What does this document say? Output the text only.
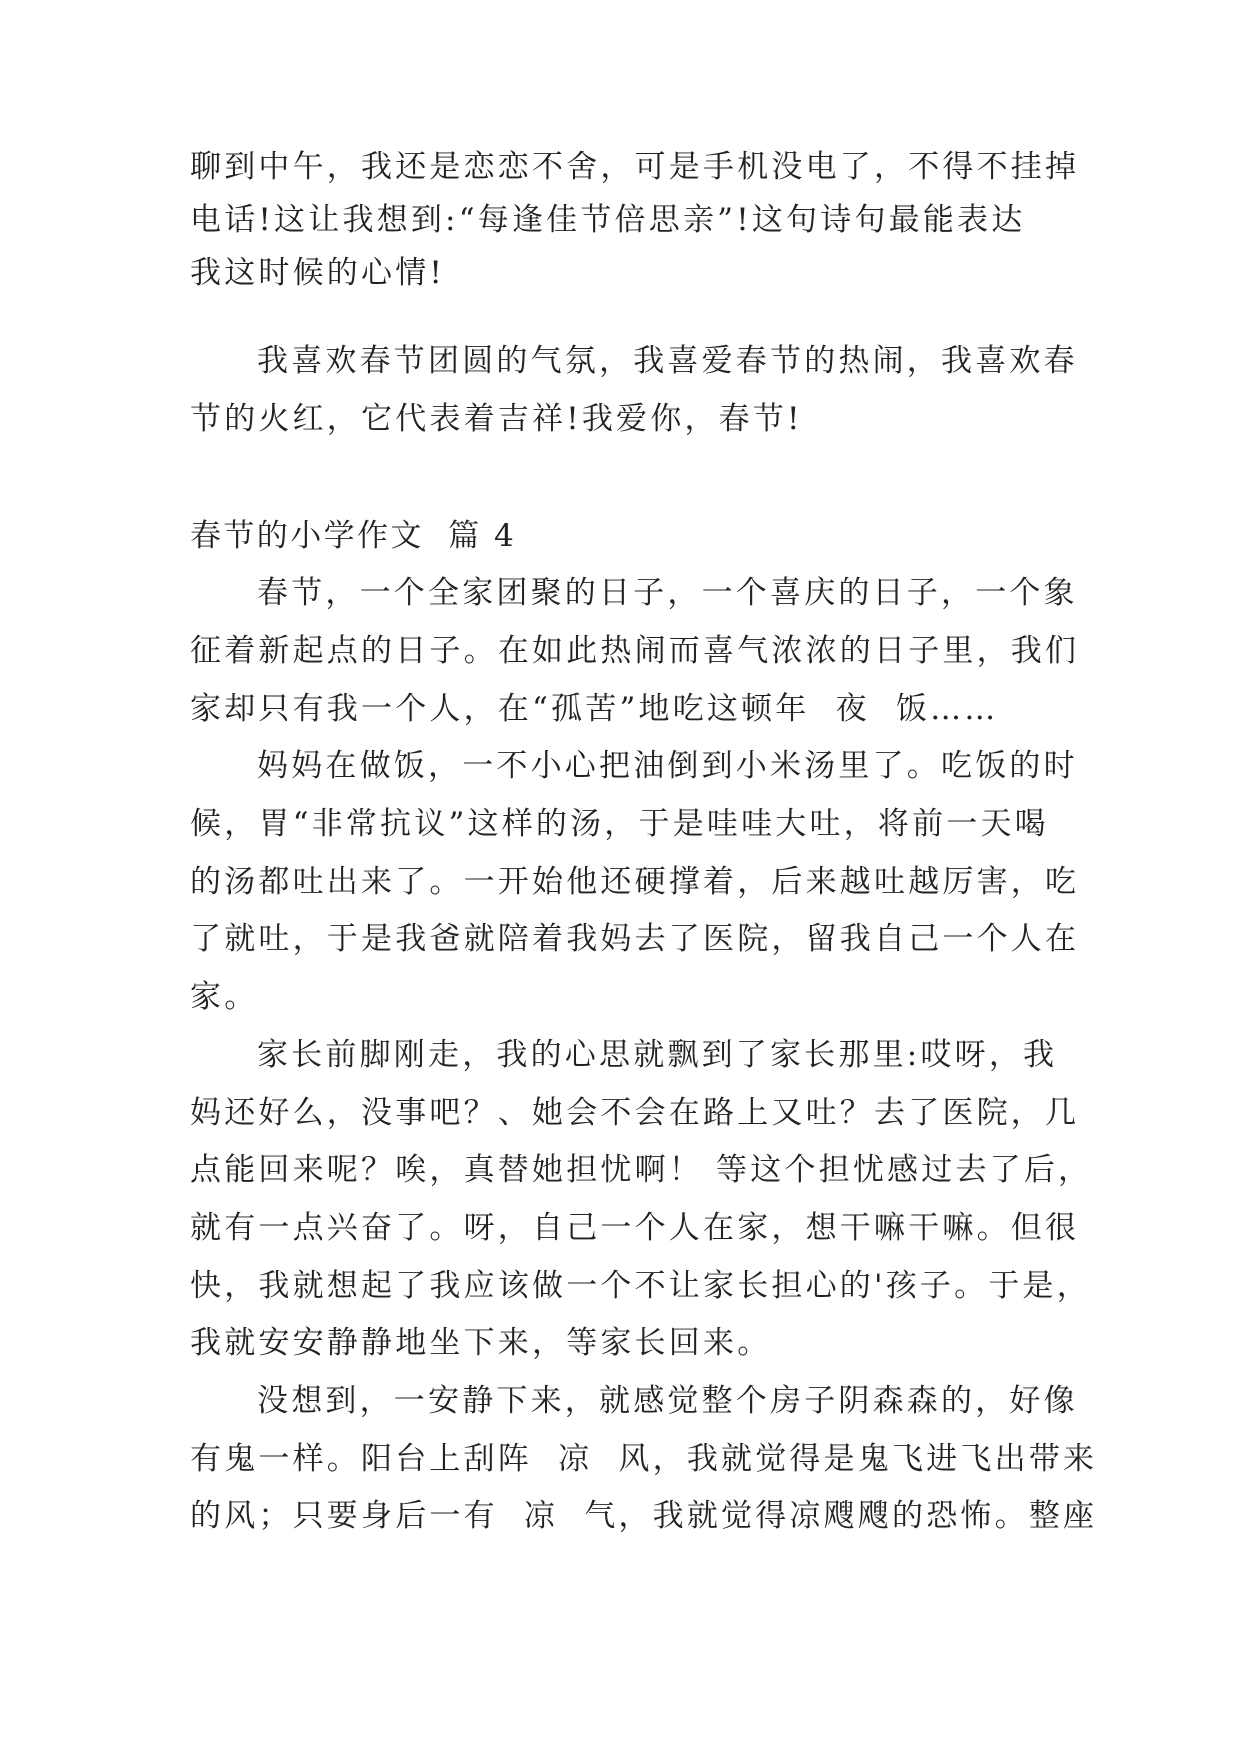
聊到中午，我还是恋恋不舍，可是手机没电了，不得不挂掉

电话!这让我想到:“每逢佳节倍思亲”!这句诗句最能表达

我这时候的心情!

我喜欢春节团圆的气氛，我喜爱春节的热闹，我喜欢春

节的火红，它代表着吉祥!我爱你，春节!

春节的小学作文  篇 4

春节，一个全家团聚的日子，一个喜庆的日子，一个象

征着新起点的日子。在如此热闹而喜气浓浓的日子里，我们

家却只有我一个人，在“孤苦”地吃这顿年  夜  饭……

妈妈在做饭，一不小心把油倒到小米汤里了。吃饭的时

候，胃“非常抗议”这样的汤，于是哇哇大吐，将前一天喝

的汤都吐出来了。一开始他还硬撑着，后来越吐越厉害，吃

了就吐，于是我爸就陪着我妈去了医院，留我自己一个人在

家。

家长前脚刚走，我的心思就飘到了家长那里:哎呀，我

妈还好么，没事吧？、她会不会在路上又吐？去了医院，几

点能回来呢？唉，真替她担忧啊！ 等这个担忧感过去了后，

就有一点兴奋了。呀，自己一个人在家，想干嘛干嘛。但很

快，我就想起了我应该做一个不让家长担心的'孩子。于是，

我就安安静静地坐下来，等家长回来。

没想到，一安静下来，就感觉整个房子阴森森的，好像

有鬼一样。阳台上刮阵  凉  风，我就觉得是鬼飞进飞出带来

的风；只要身后一有  凉  气，我就觉得凉飕飕的恐怖。整座
